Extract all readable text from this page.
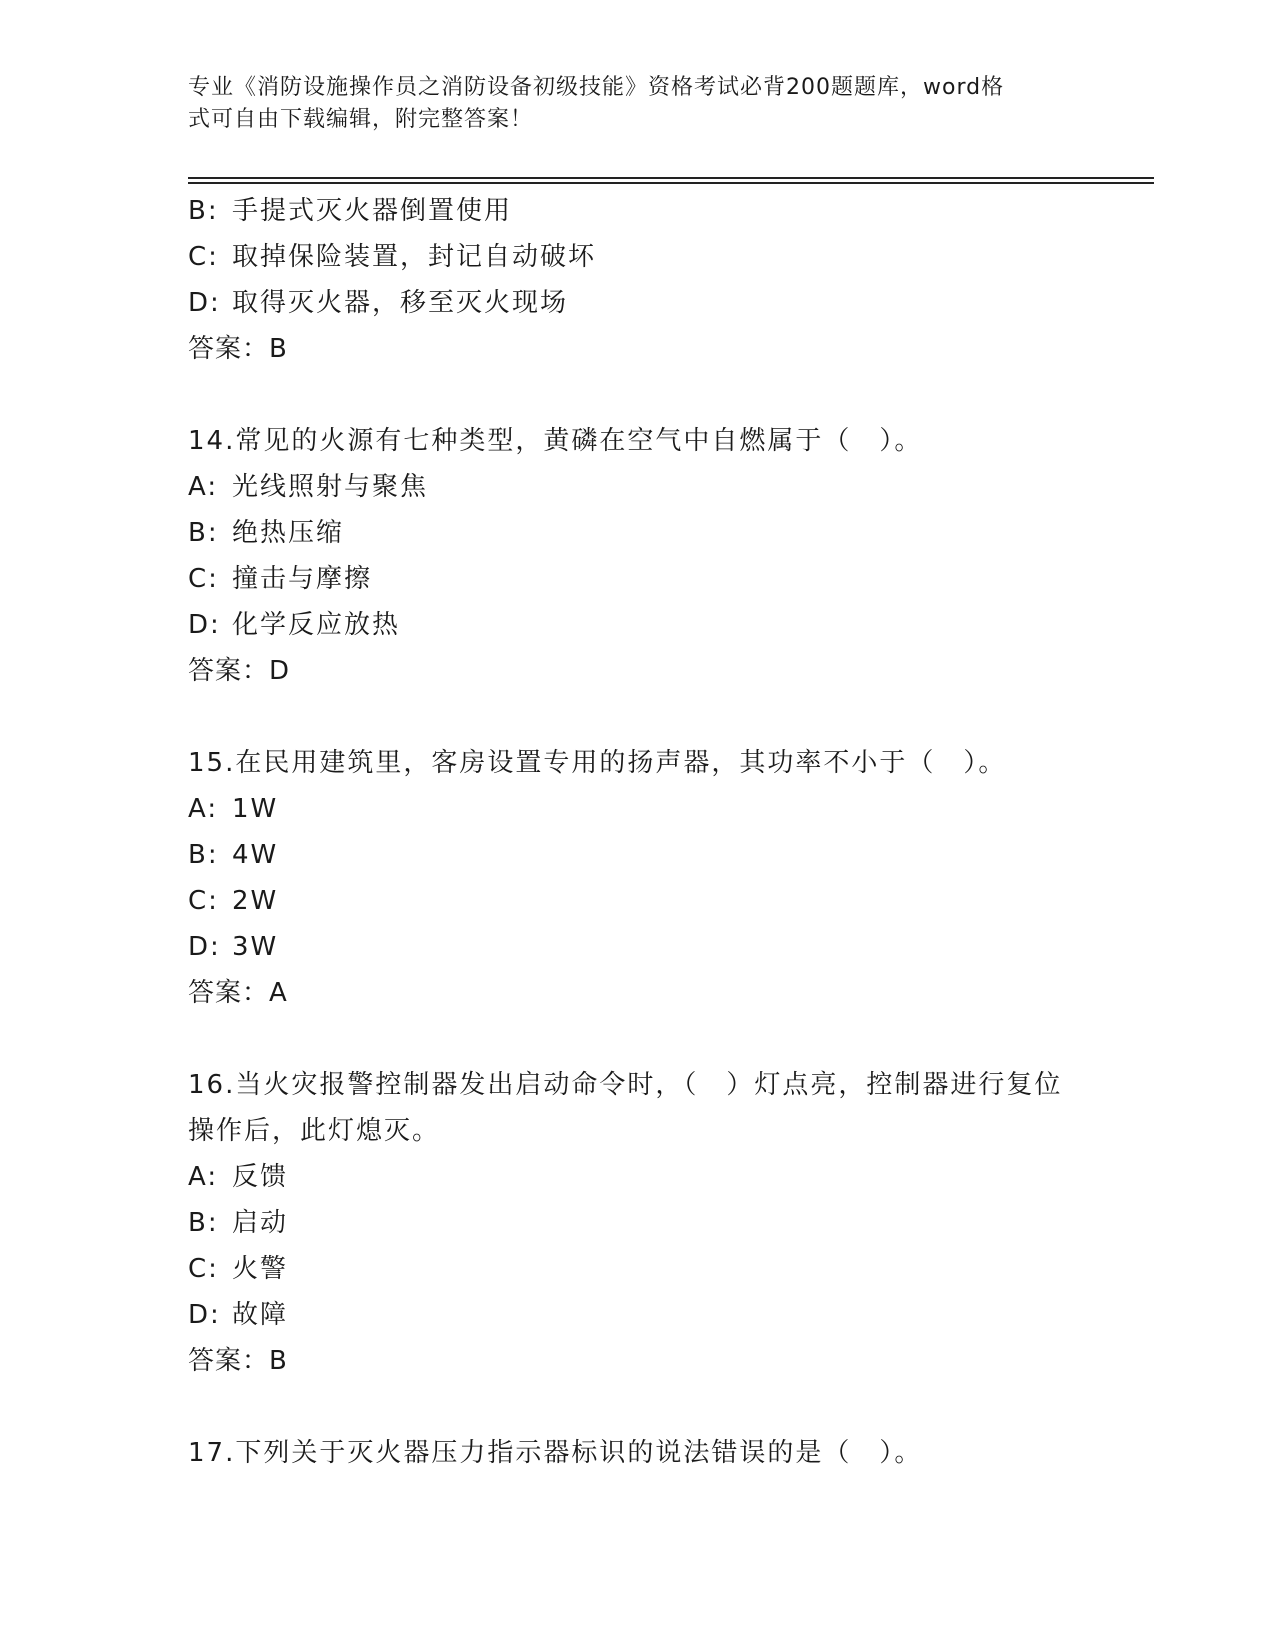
专业《消防设施操作员之消防设备初级技能》资格考试必背200题题库，word格
式可自由下载编辑，附完整答案！
B: 手提式灭火器倒置使用
C: 取掉保险装置，封记自动破坏
D: 取得灭火器，移至灭火现场
答案：B
14.常见的火源有七种类型，黄磷在空气中自燃属于（　）。
A: 光线照射与聚焦
B: 绝热压缩
C: 撞击与摩擦
D: 化学反应放热
答案：D
15.在民用建筑里，客房设置专用的扬声器，其功率不小于（　）。
A: 1W
B: 4W
C: 2W
D: 3W
答案：A
16.当火灾报警控制器发出启动命令时，（　）灯点亮，控制器进行复位操作后，此灯熄灭。
A: 反馈
B: 启动
C: 火警
D: 故障
答案：B
17.下列关于灭火器压力指示器标识的说法错误的是（　）。
